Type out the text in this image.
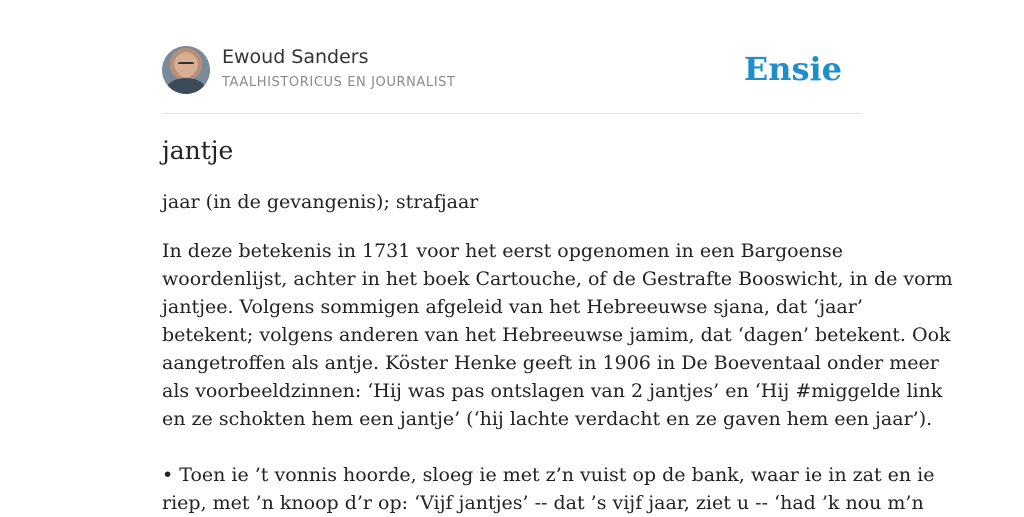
Ewoud Sanders
TAALHISTORICUS EN JOURNALIST	Ensie
jantje
jaar (in de gevangenis); strafjaar
In deze betekenis in 1731 voor het eerst opgenomen in een Bargoense
woordenlijst, achter in het boek Cartouche, of de Gestrafte Booswicht, in de vorm
jantjee. Volgens sommigen afgeleid van het Hebreeuwse sjana, dat ‘jaar’
betekent; volgens anderen van het Hebreeuwse jamim, dat ‘dagen’ betekent. Ook
aangetroffen als antje. Köster Henke geeft in 1906 in De Boeventaal onder meer
als voorbeeldzinnen: ‘Hij was pas ontslagen van 2 jantjes’ en ‘Hij #miggelde link
en ze schokten hem een jantje’ (‘hij lachte verdacht en ze gaven hem een jaar’).
• Toen ie ’t vonnis hoorde, sloeg ie met z’n vuist op de bank, waar ie in zat en ie
riep, met ’n knoop d’r op: ‘Vijf jantjes’ -- dat ’s vijf jaar, ziet u -- ‘had ’k nou m’n
